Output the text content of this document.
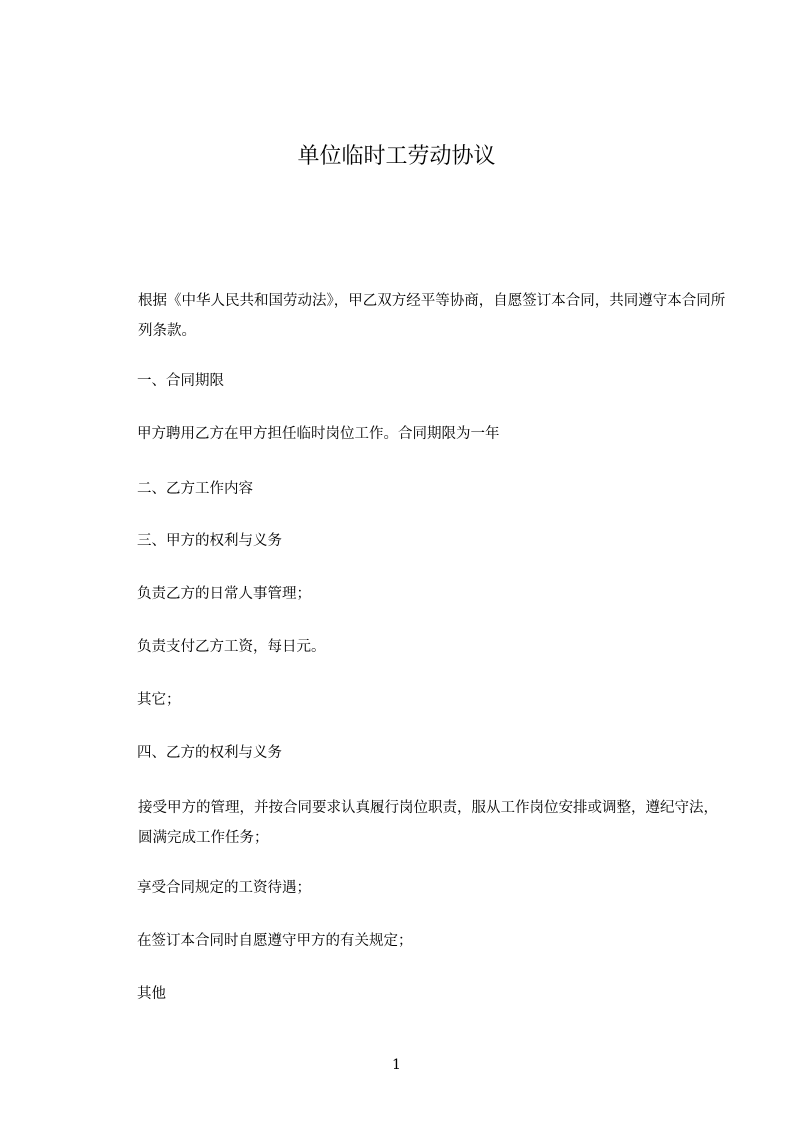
单位临时工劳动协议

根据《中华人民共和国劳动法》，甲乙双方经平等协商，自愿签订本合同，共同遵守本合同所列条款。

一、合同期限

甲方聘用乙方在甲方担任临时岗位工作。合同期限为一年

二、乙方工作内容

三、甲方的权利与义务

负责乙方的日常人事管理；

负责支付乙方工资，每日元。

其它；

四、乙方的权利与义务

接受甲方的管理，并按合同要求认真履行岗位职责，服从工作岗位安排或调整，遵纪守法，圆满完成工作任务；

享受合同规定的工资待遇；

在签订本合同时自愿遵守甲方的有关规定；

其他

1
